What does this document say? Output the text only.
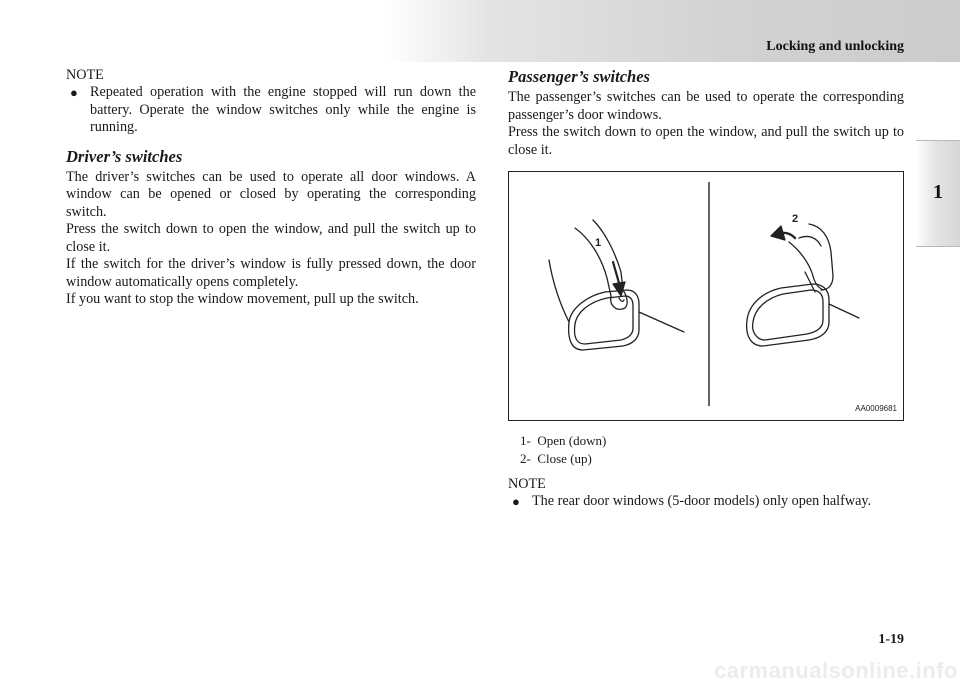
Locking and unlocking
1
NOTE
● Repeated operation with the engine stopped will run down the battery. Operate the window switches only while the engine is running.
Driver’s switches

The driver’s switches can be used to operate all door windows. A window can be opened or closed by operating the corresponding switch.

Press the switch down to open the window, and pull the switch up to close it.

If the switch for the driver’s window is fully pressed down, the door window automatically opens completely.

If you want to stop the window movement, pull up the switch.

Passenger’s switches

The passenger’s switches can be used to operate the corresponding passenger’s door windows.

Press the switch down to open the window, and pull the switch up to close it.

1
2
AA0009681
1- Open (down)
2- Close (up)
NOTE
● The rear door windows (5-door models) only open halfway.
1-19
carmanualsonline.info
